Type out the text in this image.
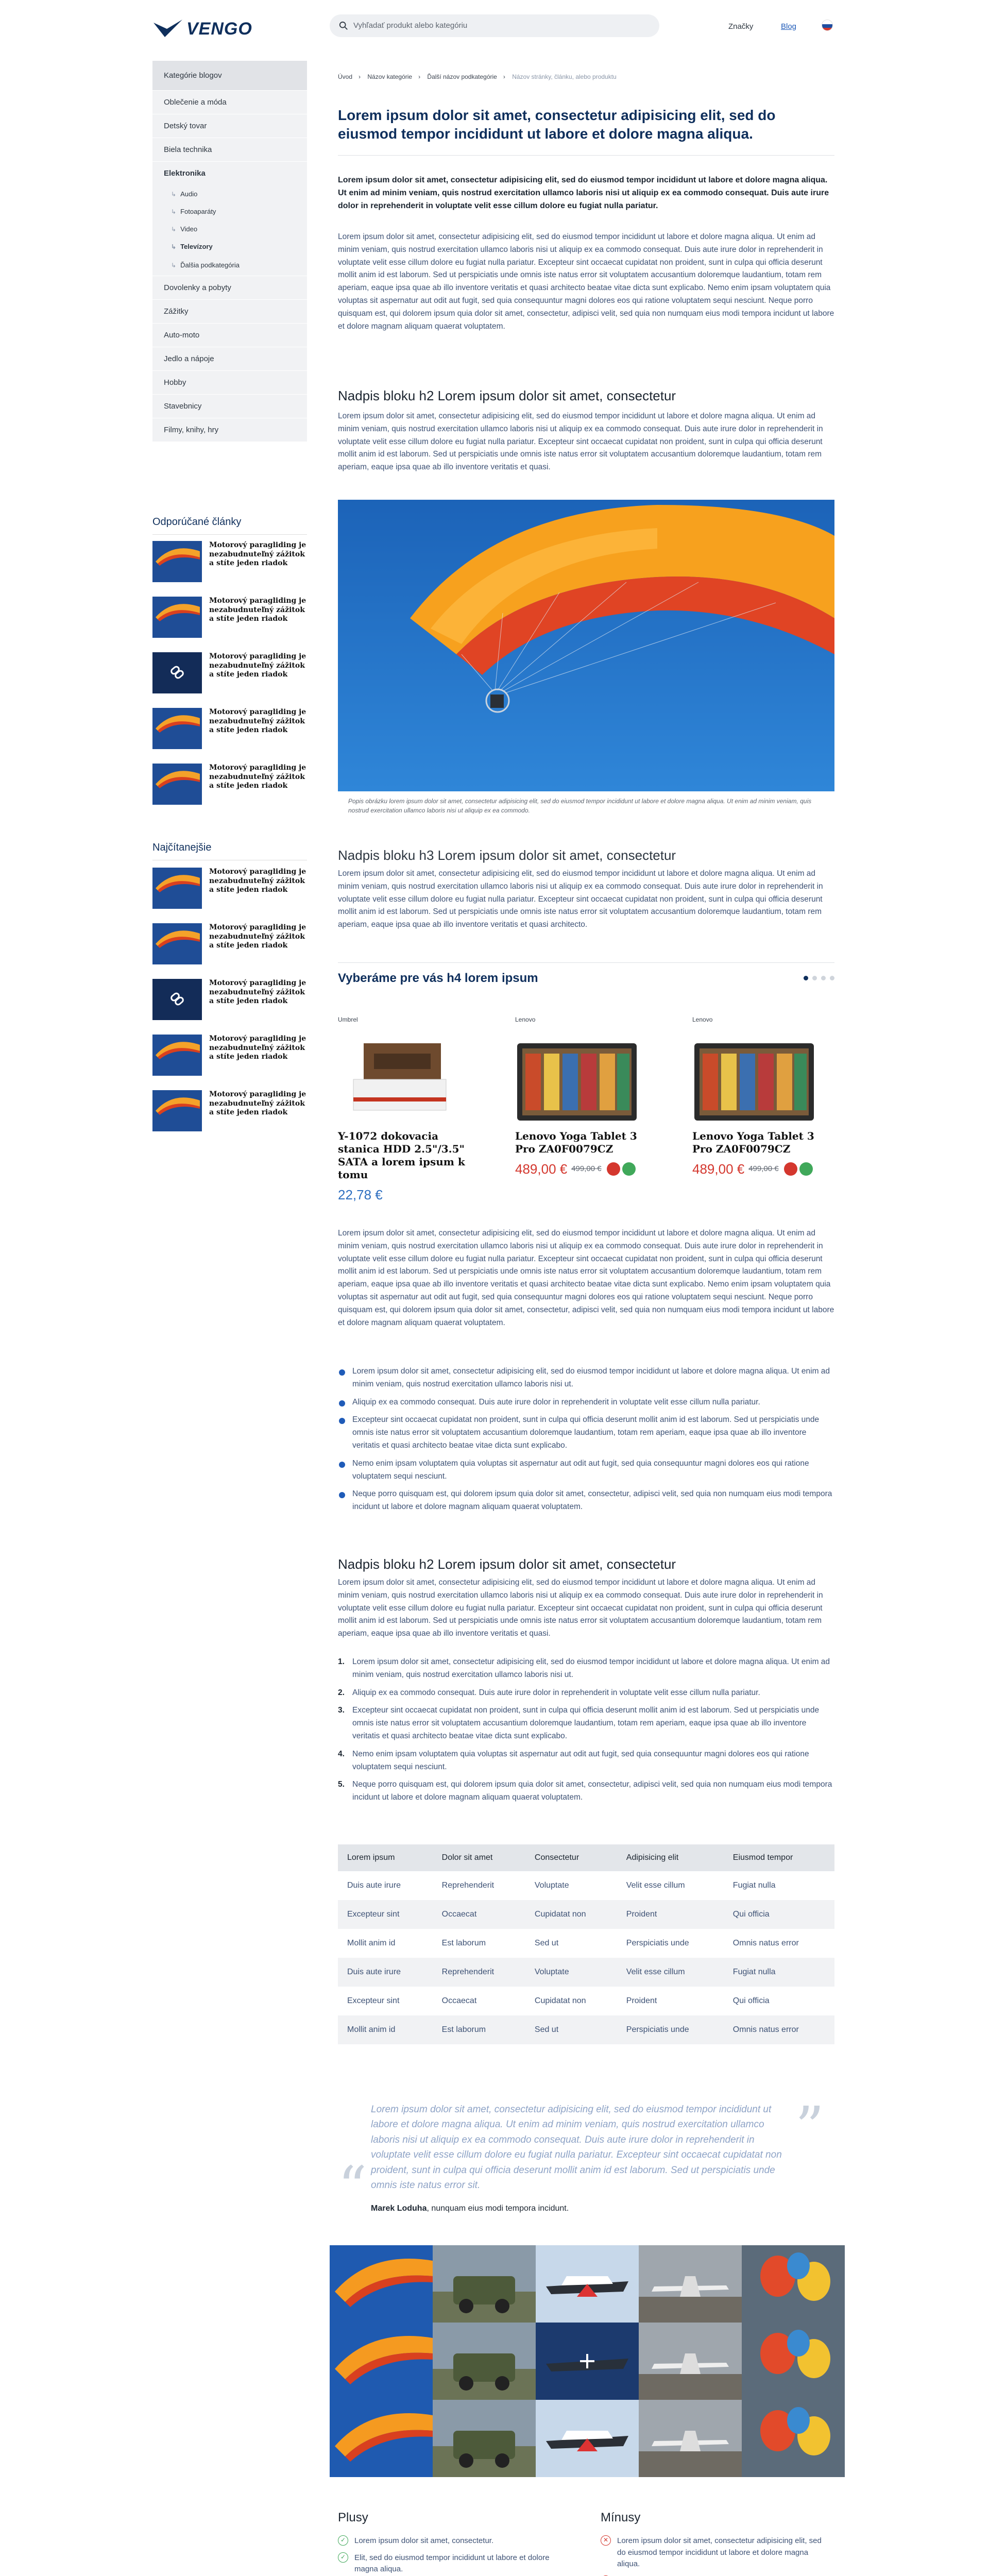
VENGO	Vyhľadať produkt alebo kategóriu	Značky	Blog
Kategórie blogov
Oblečenie a móda
Detský tovar
Biela technika
Elektronika
↳ Audio
↳ Fotoaparáty
↳ Video
↳ Televízory
↳ Ďalšia podkategória
Dovolenky a pobyty
Zážitky
Auto-moto
Jedlo a nápoje
Hobby
Stavebnicy
Filmy, knihy, hry
Odporúčané články
Motorový paragliding je nezabudnuteľný zážitok a stíte jeden riadok
Motorový paragliding je nezabudnuteľný zážitok a stíte jeden riadok
Motorový paragliding je nezabudnuteľný zážitok a stíte jeden riadok
Motorový paragliding je nezabudnuteľný zážitok a stíte jeden riadok
Motorový paragliding je nezabudnuteľný zážitok a stíte jeden riadok
Najčítanejšie
Motorový paragliding je nezabudnuteľný zážitok a stíte jeden riadok
Motorový paragliding je nezabudnuteľný zážitok a stíte jeden riadok
Motorový paragliding je nezabudnuteľný zážitok a stíte jeden riadok
Motorový paragliding je nezabudnuteľný zážitok a stíte jeden riadok
Motorový paragliding je nezabudnuteľný zážitok a stíte jeden riadok
Úvod › Názov kategórie › Ďalší názov podkategórie › Názov stránky, článku, alebo produktu
Lorem ipsum dolor sit amet, consectetur adipisicing elit, sed do eiusmod tempor incididunt ut labore et dolore magna aliqua.
Lorem ipsum dolor sit amet, consectetur adipisicing elit, sed do eiusmod tempor incididunt ut labore et dolore magna aliqua. Ut enim ad minim veniam, quis nostrud exercitation ullamco laboris nisi ut aliquip ex ea commodo consequat. Duis aute irure dolor in reprehenderit in voluptate velit esse cillum dolore eu fugiat nulla pariatur.
Lorem ipsum dolor sit amet, consectetur adipisicing elit, sed do eiusmod tempor incididunt ut labore et dolore magna aliqua. Ut enim ad minim veniam, quis nostrud exercitation ullamco laboris nisi ut aliquip ex ea commodo consequat. Duis aute irure dolor in reprehenderit in voluptate velit esse cillum dolore eu fugiat nulla pariatur. Excepteur sint occaecat cupidatat non proident, sunt in culpa qui officia deserunt mollit anim id est laborum. Sed ut perspiciatis unde omnis iste natus error sit voluptatem accusantium doloremque laudantium, totam rem aperiam, eaque ipsa quae ab illo inventore veritatis et quasi architecto beatae vitae dicta sunt explicabo. Nemo enim ipsam voluptatem quia voluptas sit aspernatur aut odit aut fugit, sed quia consequuntur magni dolores eos qui ratione voluptatem sequi nesciunt. Neque porro quisquam est, qui dolorem ipsum quia dolor sit amet, consectetur, adipisci velit, sed quia non numquam eius modi tempora incidunt ut labore et dolore magnam aliquam quaerat voluptatem.
Nadpis bloku h2 Lorem ipsum dolor sit amet, consectetur
Lorem ipsum dolor sit amet, consectetur adipisicing elit, sed do eiusmod tempor incididunt ut labore et dolore magna aliqua. Ut enim ad minim veniam, quis nostrud exercitation ullamco laboris nisi ut aliquip ex ea commodo consequat. Duis aute irure dolor in reprehenderit in voluptate velit esse cillum dolore eu fugiat nulla pariatur. Excepteur sint occaecat cupidatat non proident, sunt in culpa qui officia deserunt mollit anim id est laborum. Sed ut perspiciatis unde omnis iste natus error sit voluptatem accusantium doloremque laudantium, totam rem aperiam, eaque ipsa quae ab illo inventore veritatis et quasi.
Popis obrázku lorem ipsum dolor sit amet, consectetur adipisicing elit, sed do eiusmod tempor incididunt ut labore et dolore magna aliqua. Ut enim ad minim veniam, quis nostrud exercitation ullamco laboris nisi ut aliquip ex ea commodo.
Nadpis bloku h3 Lorem ipsum dolor sit amet, consectetur
Lorem ipsum dolor sit amet, consectetur adipisicing elit, sed do eiusmod tempor incididunt ut labore et dolore magna aliqua. Ut enim ad minim veniam, quis nostrud exercitation ullamco laboris nisi ut aliquip ex ea commodo consequat. Duis aute irure dolor in reprehenderit in voluptate velit esse cillum dolore eu fugiat nulla pariatur. Excepteur sint occaecat cupidatat non proident, sunt in culpa qui officia deserunt mollit anim id est laborum. Sed ut perspiciatis unde omnis iste natus error sit voluptatem accusantium doloremque laudantium, totam rem aperiam, eaque ipsa quae ab illo inventore veritatis et quasi architecto.
Vyberáme pre vás h4 lorem ipsum
Umbrel
Y-1072 dokovacia stanica HDD 2.5"/3.5" SATA a lorem ipsum k tomu
22,78 €
Lenovo
Lenovo Yoga Tablet 3 Pro ZA0F0079CZ
489,00 € 499,00 €
Lenovo
Lenovo Yoga Tablet 3 Pro ZA0F0079CZ
489,00 € 499,00 €
Lorem ipsum dolor sit amet, consectetur adipisicing elit, sed do eiusmod tempor incididunt ut labore et dolore magna aliqua. Ut enim ad minim veniam, quis nostrud exercitation ullamco laboris nisi ut aliquip ex ea commodo consequat. Duis aute irure dolor in reprehenderit in voluptate velit esse cillum dolore eu fugiat nulla pariatur. Excepteur sint occaecat cupidatat non proident, sunt in culpa qui officia deserunt mollit anim id est laborum. Sed ut perspiciatis unde omnis iste natus error sit voluptatem accusantium doloremque laudantium, totam rem aperiam, eaque ipsa quae ab illo inventore veritatis et quasi architecto beatae vitae dicta sunt explicabo. Nemo enim ipsam voluptatem quia voluptas sit aspernatur aut odit aut fugit, sed quia consequuntur magni dolores eos qui ratione voluptatem sequi nesciunt. Neque porro quisquam est, qui dolorem ipsum quia dolor sit amet, consectetur, adipisci velit, sed quia non numquam eius modi tempora incidunt ut labore et dolore magnam aliquam quaerat voluptatem.
Lorem ipsum dolor sit amet, consectetur adipisicing elit, sed do eiusmod tempor incididunt ut labore et dolore magna aliqua. Ut enim ad minim veniam, quis nostrud exercitation ullamco laboris nisi ut.
Aliquip ex ea commodo consequat. Duis aute irure dolor in reprehenderit in voluptate velit esse cillum nulla pariatur.
Excepteur sint occaecat cupidatat non proident, sunt in culpa qui officia deserunt mollit anim id est laborum. Sed ut perspiciatis unde omnis iste natus error sit voluptatem accusantium doloremque laudantium, totam rem aperiam, eaque ipsa quae ab illo inventore veritatis et quasi architecto beatae vitae dicta sunt explicabo.
Nemo enim ipsam voluptatem quia voluptas sit aspernatur aut odit aut fugit, sed quia consequuntur magni dolores eos qui ratione voluptatem sequi nesciunt.
Neque porro quisquam est, qui dolorem ipsum quia dolor sit amet, consectetur, adipisci velit, sed quia non numquam eius modi tempora incidunt ut labore et dolore magnam aliquam quaerat voluptatem.
Nadpis bloku h2 Lorem ipsum dolor sit amet, consectetur
Lorem ipsum dolor sit amet, consectetur adipisicing elit, sed do eiusmod tempor incididunt ut labore et dolore magna aliqua. Ut enim ad minim veniam, quis nostrud exercitation ullamco laboris nisi ut aliquip ex ea commodo consequat. Duis aute irure dolor in reprehenderit in voluptate velit esse cillum dolore eu fugiat nulla pariatur. Excepteur sint occaecat cupidatat non proident, sunt in culpa qui officia deserunt mollit anim id est laborum. Sed ut perspiciatis unde omnis iste natus error sit voluptatem accusantium doloremque laudantium, totam rem aperiam, eaque ipsa quae ab illo inventore veritatis et quasi.
Lorem ipsum dolor sit amet, consectetur adipisicing elit, sed do eiusmod tempor incididunt ut labore et dolore magna aliqua. Ut enim ad minim veniam, quis nostrud exercitation ullamco laboris nisi ut.
Aliquip ex ea commodo consequat. Duis aute irure dolor in reprehenderit in voluptate velit esse cillum nulla pariatur.
Excepteur sint occaecat cupidatat non proident, sunt in culpa qui officia deserunt mollit anim id est laborum. Sed ut perspiciatis unde omnis iste natus error sit voluptatem accusantium doloremque laudantium, totam rem aperiam, eaque ipsa quae ab illo inventore veritatis et quasi architecto beatae vitae dicta sunt explicabo.
Nemo enim ipsam voluptatem quia voluptas sit aspernatur aut odit aut fugit, sed quia consequuntur magni dolores eos qui ratione voluptatem sequi nesciunt.
Neque porro quisquam est, qui dolorem ipsum quia dolor sit amet, consectetur, adipisci velit, sed quia non numquam eius modi tempora incidunt ut labore et dolore magnam aliquam quaerat voluptatem.
Lorem ipsum	Dolor sit amet	Consectetur	Adipisicing elit	Eiusmod tempor
Duis aute irure	Reprehenderit	Voluptate	Velit esse cillum	Fugiat nulla
Excepteur sint	Occaecat	Cupidatat non	Proident	Qui officia
Mollit anim id	Est laborum	Sed ut	Perspiciatis unde	Omnis natus error
Duis aute irure	Reprehenderit	Voluptate	Velit esse cillum	Fugiat nulla
Excepteur sint	Occaecat	Cupidatat non	Proident	Qui officia
Mollit anim id	Est laborum	Sed ut	Perspiciatis unde	Omnis natus error
“
”
Lorem ipsum dolor sit amet, consectetur adipisicing elit, sed do eiusmod tempor incididunt ut labore et dolore magna aliqua. Ut enim ad minim veniam, quis nostrud exercitation ullamco laboris nisi ut aliquip ex ea commodo consequat. Duis aute irure dolor in reprehenderit in voluptate velit esse cillum dolore eu fugiat nulla pariatur. Excepteur sint occaecat cupidatat non proident, sunt in culpa qui officia deserunt mollit anim id est laborum. Sed ut perspiciatis unde omnis iste natus error sit.
Marek Loduha, nunquam eius modi tempora incidunt.
Plusy
✓ Lorem ipsum dolor sit amet, consectetur.
✓ Elit, sed do eiusmod tempor incididunt ut labore et dolore magna aliqua.
Mínusy
✕ Lorem ipsum dolor sit amet, consectetur adipisicing elit, sed do eiusmod tempor incididunt ut labore et dolore magna aliqua.
✕
